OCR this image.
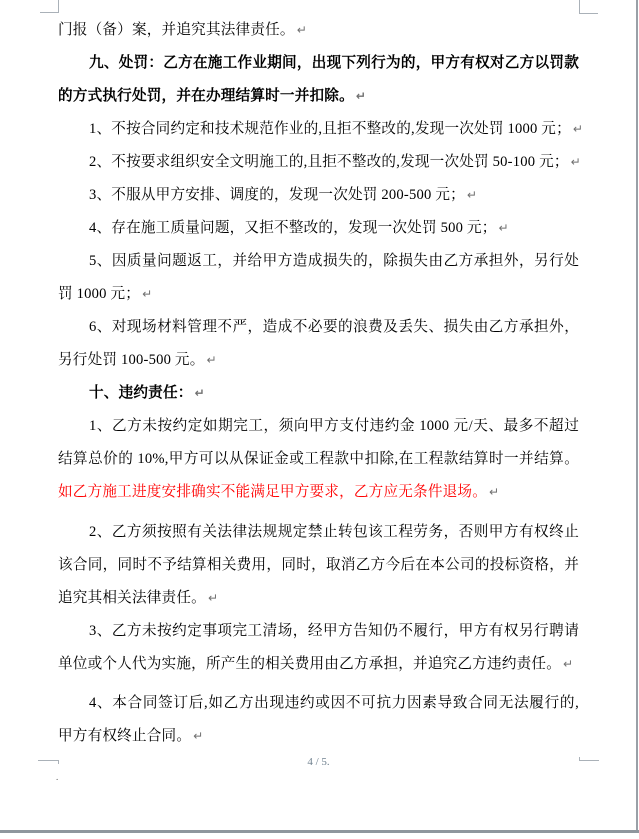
门报（备）案，并追究其法律责任。 ↵
九、处罚：乙方在施工作业期间，出现下列行为的，甲方有权对乙方以罚款
的方式执行处罚，并在办理结算时一并扣除。 ↵
1、不按合同约定和技术规范作业的,且拒不整改的,发现一次处罚 1000 元； ↵
2、不按要求组织安全文明施工的,且拒不整改的,发现一次处罚 50-100 元； ↵
3、不服从甲方安排、调度的，发现一次处罚 200-500 元； ↵
4、存在施工质量问题，又拒不整改的，发现一次处罚 500 元； ↵
5、因质量问题返工，并给甲方造成损失的，除损失由乙方承担外，另行处
罚 1000 元； ↵
6、对现场材料管理不严，造成不必要的浪费及丢失、损失由乙方承担外，
另行处罚 100-500 元。 ↵
十、违约责任： ↵
1、乙方未按约定如期完工，须向甲方支付违约金 1000 元/天、最多不超过
结算总价的 10%,甲方可以从保证金或工程款中扣除,在工程款结算时一并结算。
如乙方施工进度安排确实不能满足甲方要求，乙方应无条件退场。 ↵
2、乙方须按照有关法律法规规定禁止转包该工程劳务，否则甲方有权终止
该合同，同时不予结算相关费用，同时，取消乙方今后在本公司的投标资格，并
追究其相关法律责任。 ↵
3、乙方未按约定事项完工清场，经甲方告知仍不履行，甲方有权另行聘请
单位或个人代为实施，所产生的相关费用由乙方承担，并追究乙方违约责任。 ↵
4、本合同签订后,如乙方出现违约或因不可抗力因素导致合同无法履行的,
甲方有权终止合同。 ↵
4 / 5.
.
